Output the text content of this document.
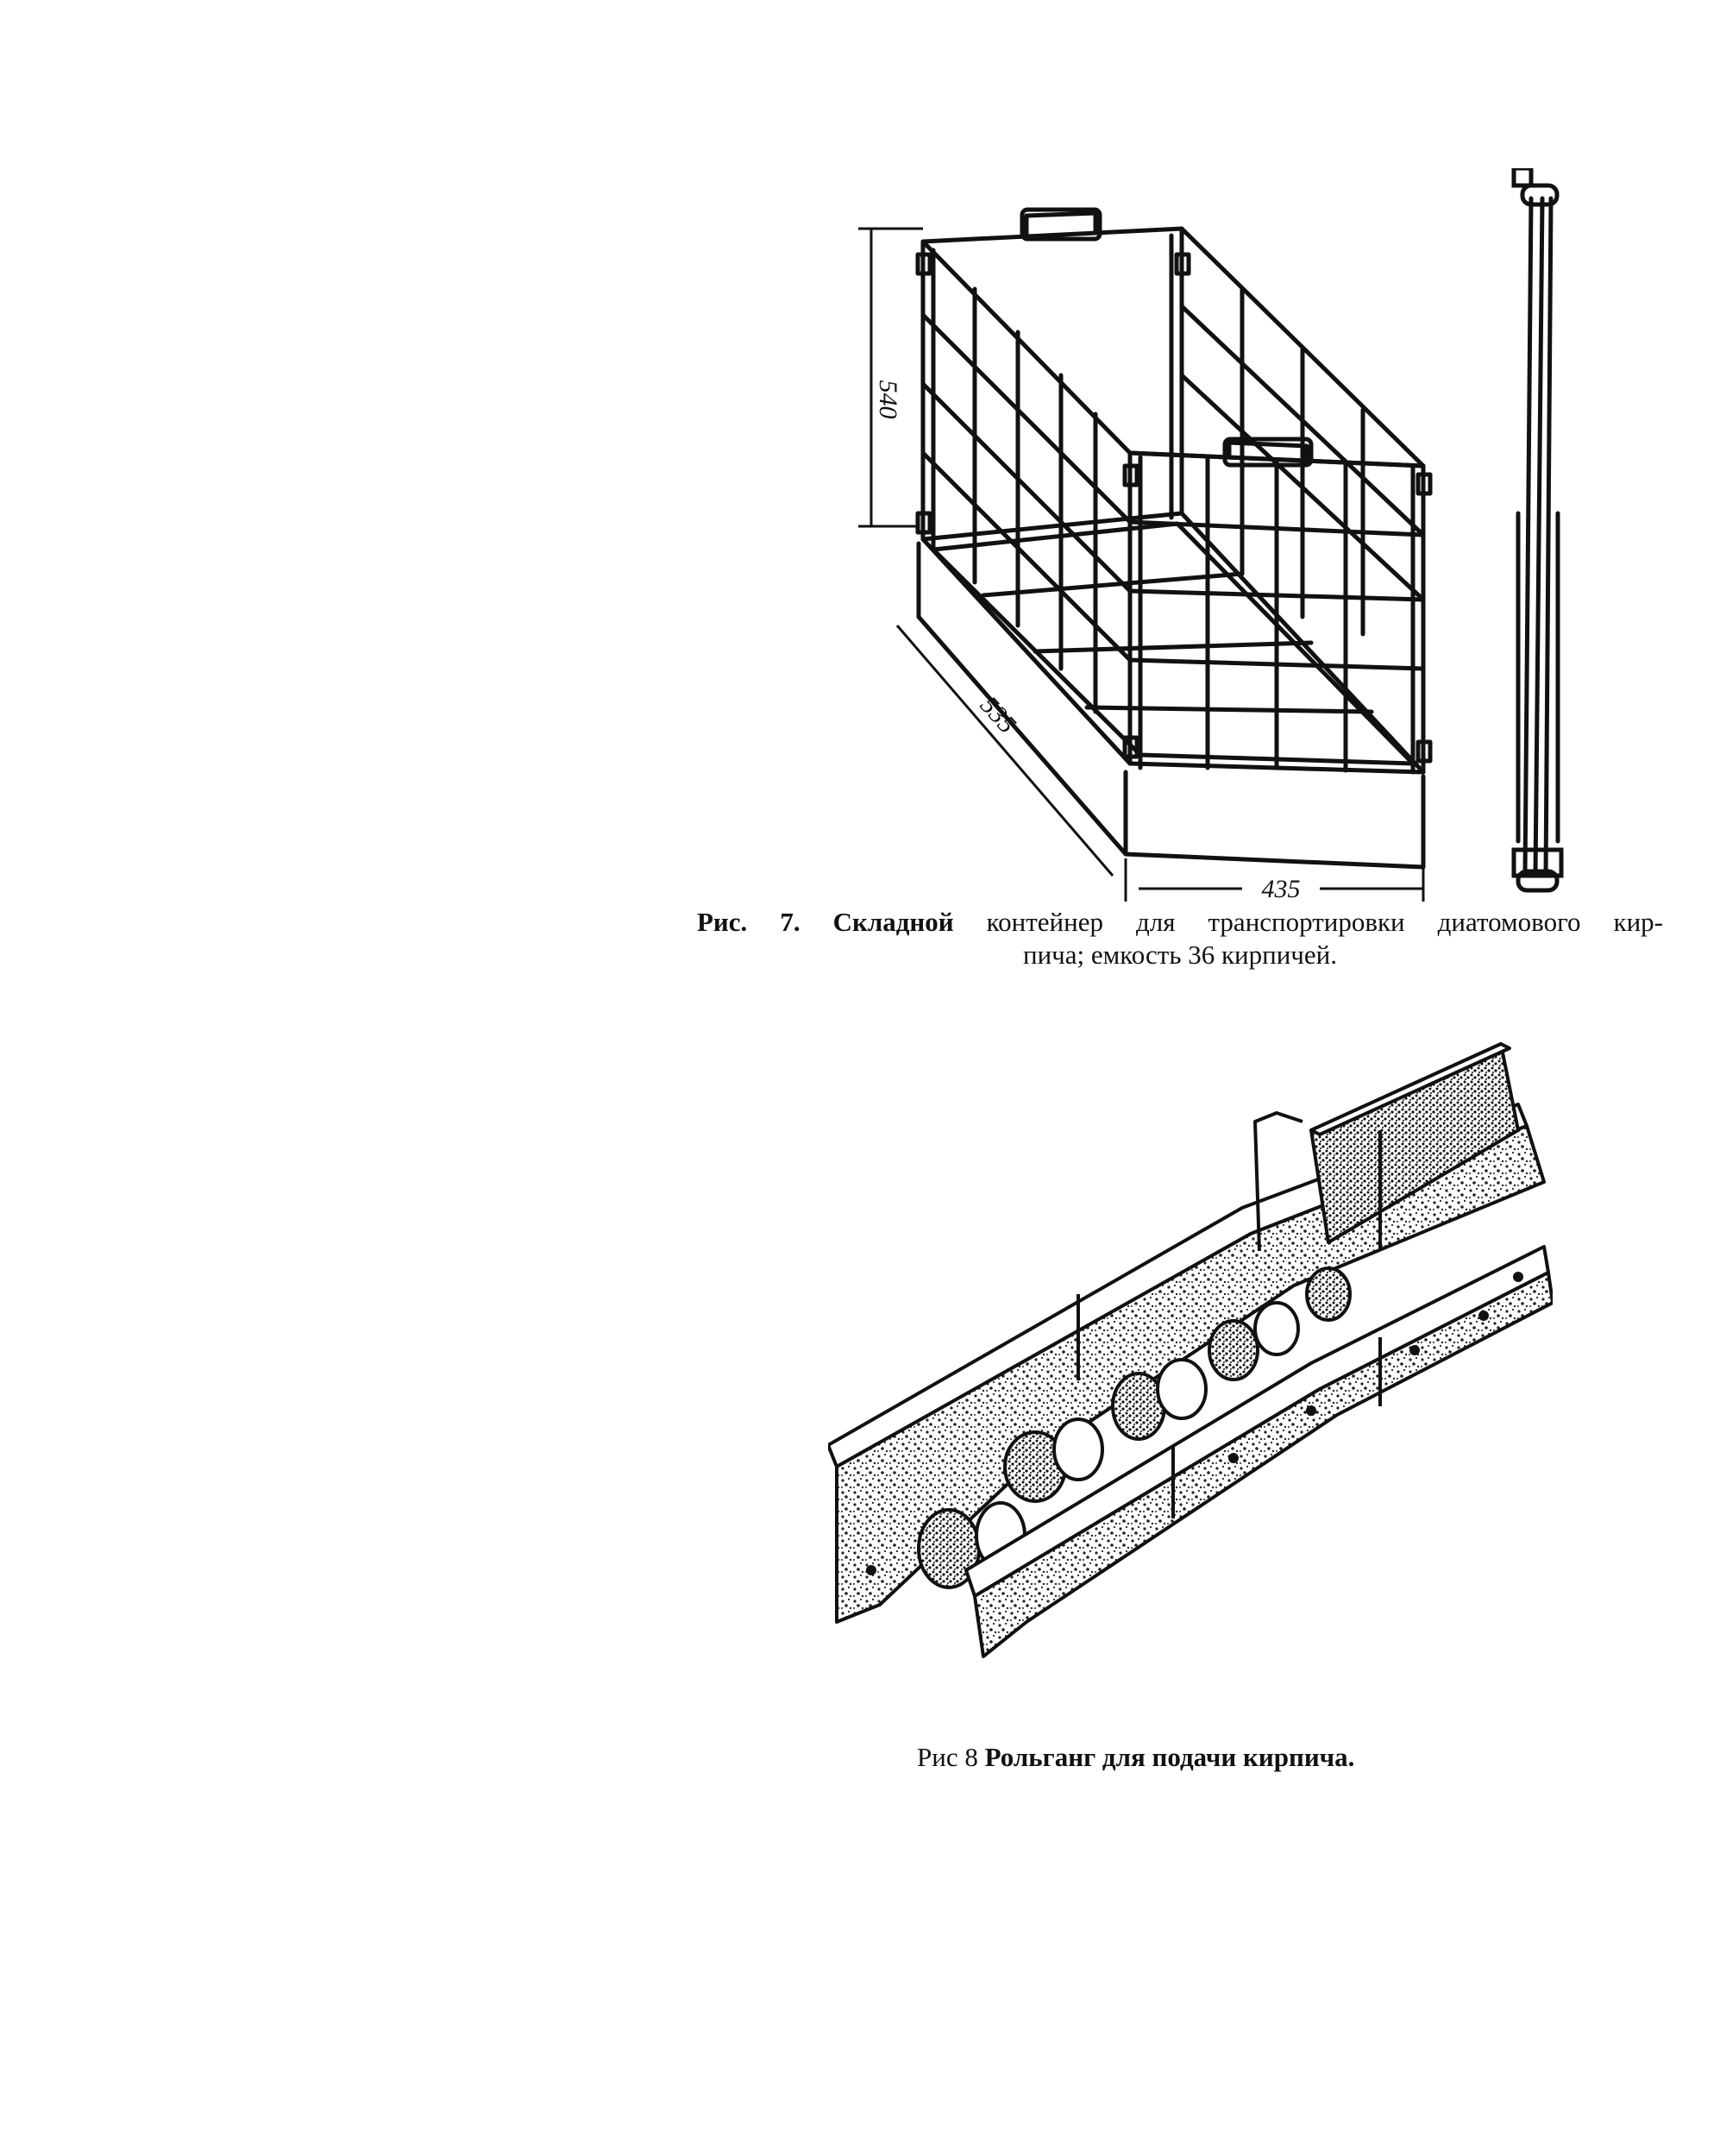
540
535
435
Рис. 7. Складной контейнер для транспортировки диатомового кир-
пича; емкость 36 кирпичей.
Рис 8 Рольганг для подачи кирпича.
